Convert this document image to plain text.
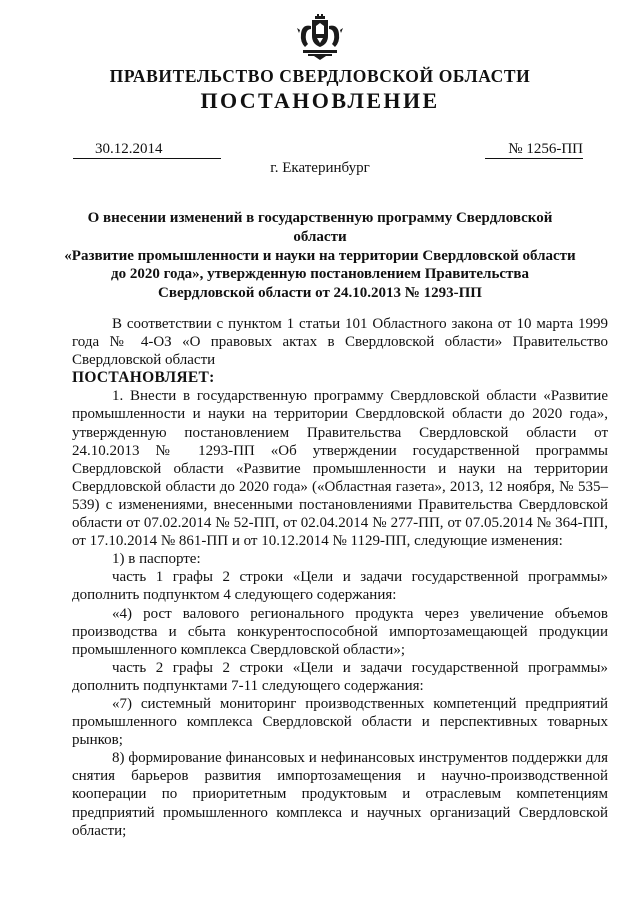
ПРАВИТЕЛЬСТВО СВЕРДЛОВСКОЙ ОБЛАСТИ
ПОСТАНОВЛЕНИЕ
30.12.2014	№ 1256-ПП
г. Екатеринбург
О внесении изменений в государственную программу Свердловской области
«Развитие промышленности и науки на территории Свердловской области
до 2020 года», утвержденную постановлением Правительства
Свердловской области от 24.10.2013 № 1293-ПП

В соответствии с пунктом 1 статьи 101 Областного закона от 10 марта 1999 года № 4-ОЗ «О правовых актах в Свердловской области» Правительство Свердловской области

ПОСТАНОВЛЯЕТ:

1. Внести в государственную программу Свердловской области «Развитие промышленности и науки на территории Свердловской области до 2020 года», утвержденную постановлением Правительства Свердловской области от 24.10.2013 № 1293-ПП «Об утверждении государственной программы Свердловской области «Развитие промышленности и науки на территории Свердловской области до 2020 года» («Областная газета», 2013, 12 ноября, № 535–539) с изменениями, внесенными постановлениями Правительства Свердловской области от 07.02.2014 № 52-ПП, от 02.04.2014 № 277-ПП, от 07.05.2014 № 364-ПП, от 17.10.2014 № 861-ПП и от 10.12.2014 № 1129-ПП, следующие изменения:

1) в паспорте:

часть 1 графы 2 строки «Цели и задачи государственной программы» дополнить подпунктом 4 следующего содержания:

«4) рост валового регионального продукта через увеличение объемов производства и сбыта конкурентоспособной импортозамещающей продукции промышленного комплекса Свердловской области»;

часть 2 графы 2 строки «Цели и задачи государственной программы» дополнить подпунктами 7-11 следующего содержания:

«7) системный мониторинг производственных компетенций предприятий промышленного комплекса Свердловской области и перспективных товарных рынков;

8) формирование финансовых и нефинансовых инструментов поддержки для снятия барьеров развития импортозамещения и научно-производственной кооперации по приоритетным продуктовым и отраслевым компетенциям предприятий промышленного комплекса и научных организаций Свердловской области;
